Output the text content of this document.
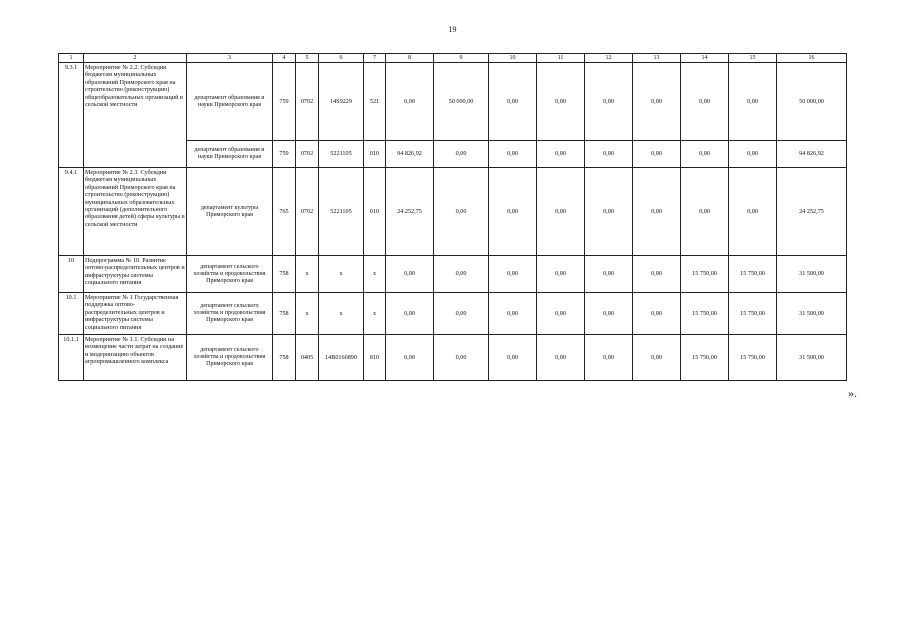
19
1	2	3	4	5	6	7	8	9	10	11	12	13	14	15	16
9.3.1	Мероприятие № 2.2. Субсидии бюджетам муниципальных образований Приморского края на строительство (реконструкцию) общеобразовательных организаций в сельской местности	департамент образования и науки Приморского края	759	0702	14S9229	521	0,00	50 000,00	0,00	0,00	0,00	0,00	0,00	0,00	50 000,00
		департамент образования и науки Приморского края	759	0702	5221105	010	94 826,92	0,00	0,00	0,00	0,00	0,00	0,00	0,00	94 826,92
9.4.1	Мероприятие № 2.3. Субсидии бюджетам муниципальных образований Приморского края на строительство (реконструкцию) муниципальных образовательных организаций (дополнительного образования детей) сферы культуры в сельской местности	департамент культуры Приморского края	765	0702	5221105	010	24 252,75	0,00	0,00	0,00	0,00	0,00	0,00	0,00	24 252,75
10	Подпрограмма № 10. Развитие оптово-распределительных центров и инфраструктуры системы социального питания	департамент сельского хозяйства и продовольствия Приморского края	758	х	х	х	0,00	0,00	0,00	0,00	0,00	0,00	15 750,00	15 750,00	31 500,00
10.1	Мероприятие № 1 Государственная поддержка оптово-распределительных центров и инфраструктуры системы социального питания	департамент сельского хозяйства и продовольствия Приморского края	758	х	х	х	0,00	0,00	0,00	0,00	0,00	0,00	15 750,00	15 750,00	31 500,00
10.1.1	Мероприятие № 1.1. Субсидии на возмещение части затрат на создание и модернизацию объектов агропромышленного комплекса	департамент сельского хозяйства и продовольствия Приморского края	758	0405	14В0160890	810	0,00	0,00	0,00	0,00	0,00	0,00	15 750,00	15 750,00	31 500,00
».
